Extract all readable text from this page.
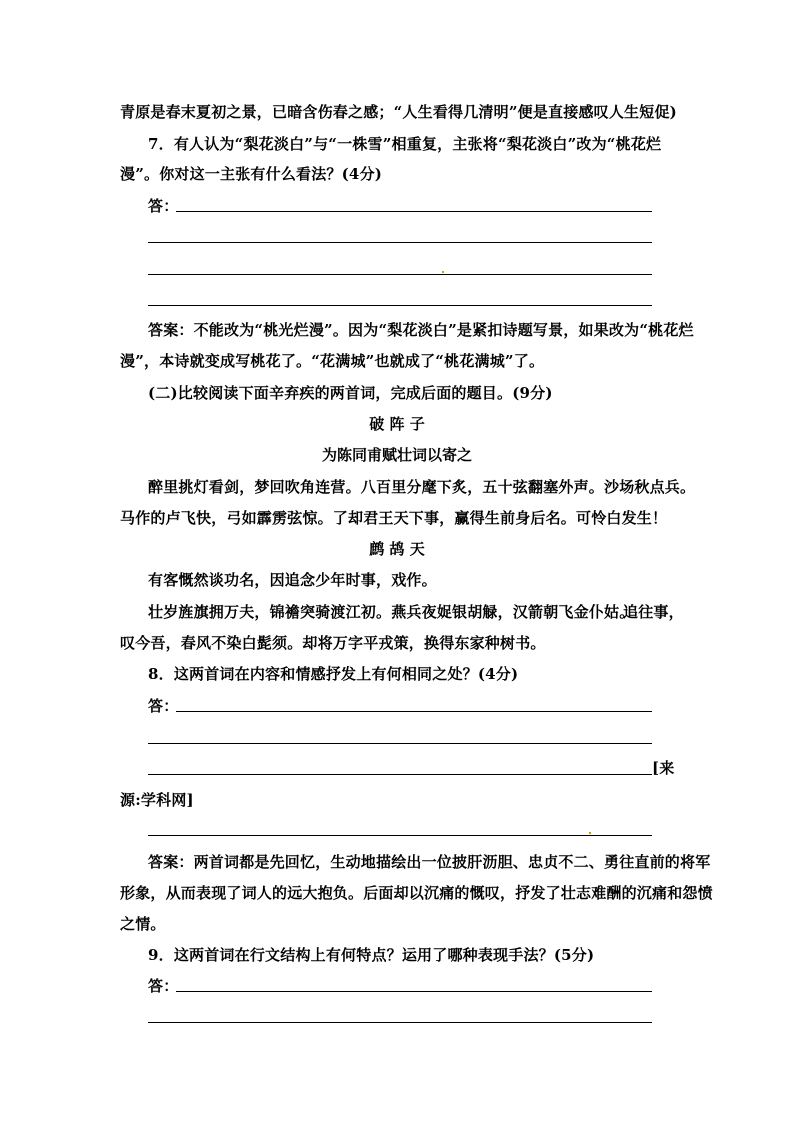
青原是春末夏初之景，已暗含伤春之感；“人生看得几清明”便是直接感叹人生短促)
7．有人认为“梨花淡白”与“一株雪”相重复，主张将“梨花淡白”改为“桃花烂
漫”。你对这一主张有什么看法？(4分)
答：
答案：不能改为“桃光烂漫”。因为“梨花淡白”是紧扣诗题写景，如果改为“桃花烂
漫”，本诗就变成写桃花了。“花满城”也就成了“桃花满城”了。
(二)比较阅读下面辛弃疾的两首词，完成后面的题目。(9分)
破 阵 子
为陈同甫赋壮词以寄之
醉里挑灯看剑，梦回吹角连营。八百里分麾下炙，五十弦翻塞外声。沙场秋点兵。
马作的卢飞快，弓如霹雳弦惊。了却君王天下事，赢得生前身后名。可怜白发生！
鹧 鸪 天
有客慨然谈功名，因追念少年时事，戏作。
壮岁旌旗拥万夫，锦襜突骑渡江初。燕兵夜娖银胡觮，汉箭朝飞金仆姑。
追往事，
叹今吾，春风不染白髭须。却将万字平戎策，换得东家种树书。
8．这两首词在内容和情感抒发上有何相同之处？(4分)
答：
[来
源:学科网]
答案：两首词都是先回忆，生动地描绘出一位披肝沥胆、忠贞不二、勇往直前的将军
形象，从而表现了词人的远大抱负。后面却以沉痛的慨叹，抒发了壮志难酬的沉痛和怨愤
之情。
9．这两首词在行文结构上有何特点？运用了哪种表现手法？(5分)
答：
